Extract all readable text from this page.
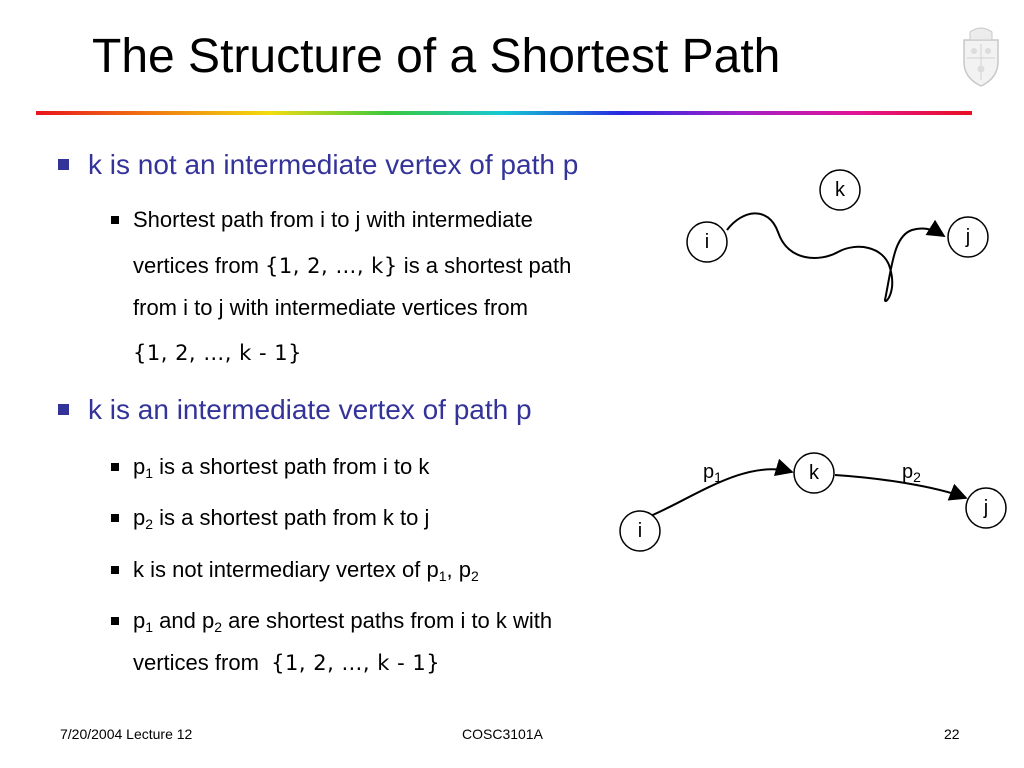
The Structure of a Shortest Path
k is not an intermediate vertex of path p
Shortest path from i to j with intermediate
vertices from {1, 2, …, k} is a shortest path
from i to j with intermediate vertices from
{1, 2, …, k - 1}
k is an intermediate vertex of path p
$p_1$ is a shortest path from i to k
$p_2$ is a shortest path from k to j
k is not intermediary vertex of $p_1$, $p_2$
$p_1$ and $p_2$ are shortest paths from i to k with
vertices from  {1, 2, …, k - 1}
i
k
j
i
k
j
$p_1$	$p_2$
7/20/2004 Lecture 12	COSC3101A	22
